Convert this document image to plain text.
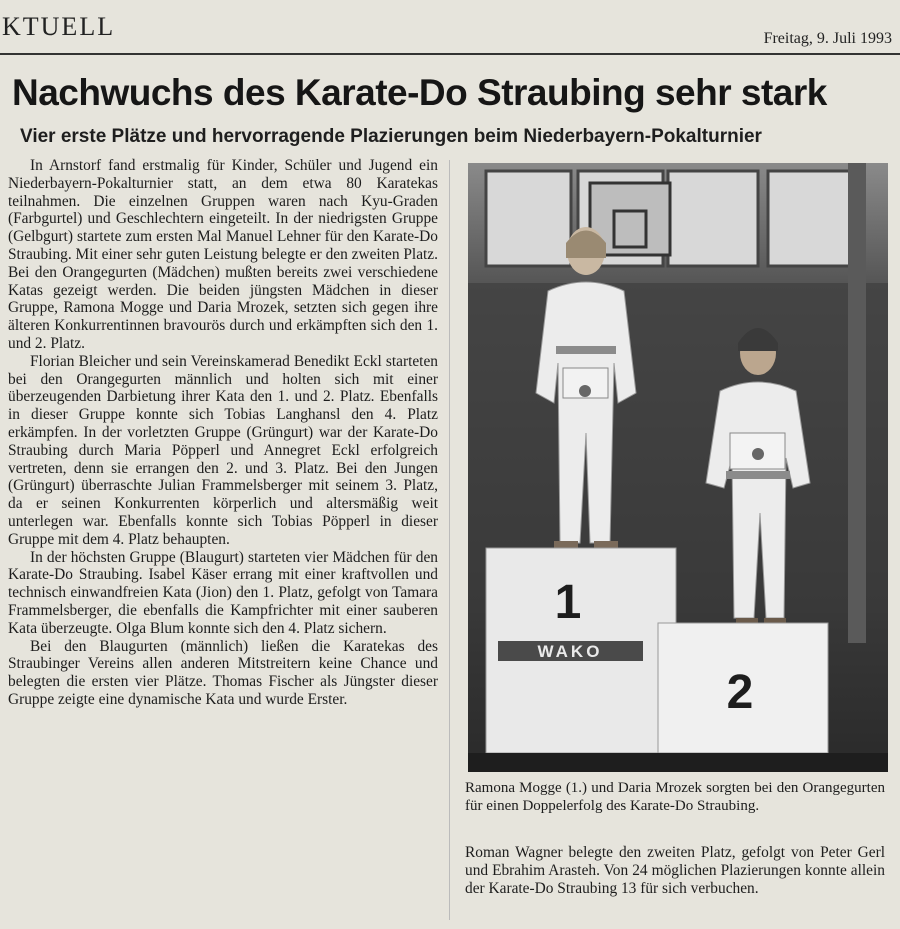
KTUELL	Freitag, 9. Juli 1993
Nachwuchs des Karate-Do Straubing sehr stark
Vier erste Plätze und hervorragende Plazierungen beim Niederbayern-Pokalturnier

In Arnstorf fand erstmalig für Kinder, Schüler und Jugend ein Niederbayern-Pokalturnier statt, an dem etwa 80 Karatekas teilnahmen. Die einzelnen Gruppen waren nach Kyu-Graden (Farbgurtel) und Geschlechtern eingeteilt. In der niedrigsten Gruppe (Gelbgurt) startete zum ersten Mal Manuel Lehner für den Karate-Do Straubing. Mit einer sehr guten Leistung belegte er den zweiten Platz. Bei den Orangegurten (Mädchen) mußten bereits zwei verschiedene Katas gezeigt werden. Die beiden jüngsten Mädchen in dieser Gruppe, Ramona Mogge und Daria Mrozek, setzten sich gegen ihre älteren Konkurrentinnen bravourös durch und erkämpften sich den 1. und 2. Platz.

Florian Bleicher und sein Vereinskamerad Benedikt Eckl starteten bei den Orangegurten männlich und holten sich mit einer überzeugenden Darbietung ihrer Kata den 1. und 2. Platz. Ebenfalls in dieser Gruppe konnte sich Tobias Langhansl den 4. Platz erkämpfen. In der vorletzten Gruppe (Grüngurt) war der Karate-Do Straubing durch Maria Pöpperl und Annegret Eckl erfolgreich vertreten, denn sie errangen den 2. und 3. Platz. Bei den Jungen (Grüngurt) überraschte Julian Frammelsberger mit seinem 3. Platz, da er seinen Konkurrenten körperlich und altersmäßig weit unterlegen war. Ebenfalls konnte sich Tobias Pöpperl in dieser Gruppe mit dem 4. Platz behaupten.

In der höchsten Gruppe (Blaugurt) starteten vier Mädchen für den Karate-Do Straubing. Isabel Käser errang mit einer kraftvollen und technisch einwandfreien Kata (Jion) den 1. Platz, gefolgt von Tamara Frammelsberger, die ebenfalls die Kampfrichter mit einer sauberen Kata überzeugte. Olga Blum konnte sich den 4. Platz sichern.

Bei den Blaugurten (männlich) ließen die Karatekas des Straubinger Vereins allen anderen Mitstreitern keine Chance und belegten die ersten vier Plätze. Thomas Fischer als Jüngster dieser Gruppe zeigte eine dynamische Kata und wurde Erster.

WAKO
1
2

Ramona Mogge (1.) und Daria Mrozek sorgten bei den Orangegurten für einen Doppelerfolg des Karate-Do Straubing.

Roman Wagner belegte den zweiten Platz, gefolgt von Peter Gerl und Ebrahim Arasteh. Von 24 möglichen Plazierungen konnte allein der Karate-Do Straubing 13 für sich verbuchen.
